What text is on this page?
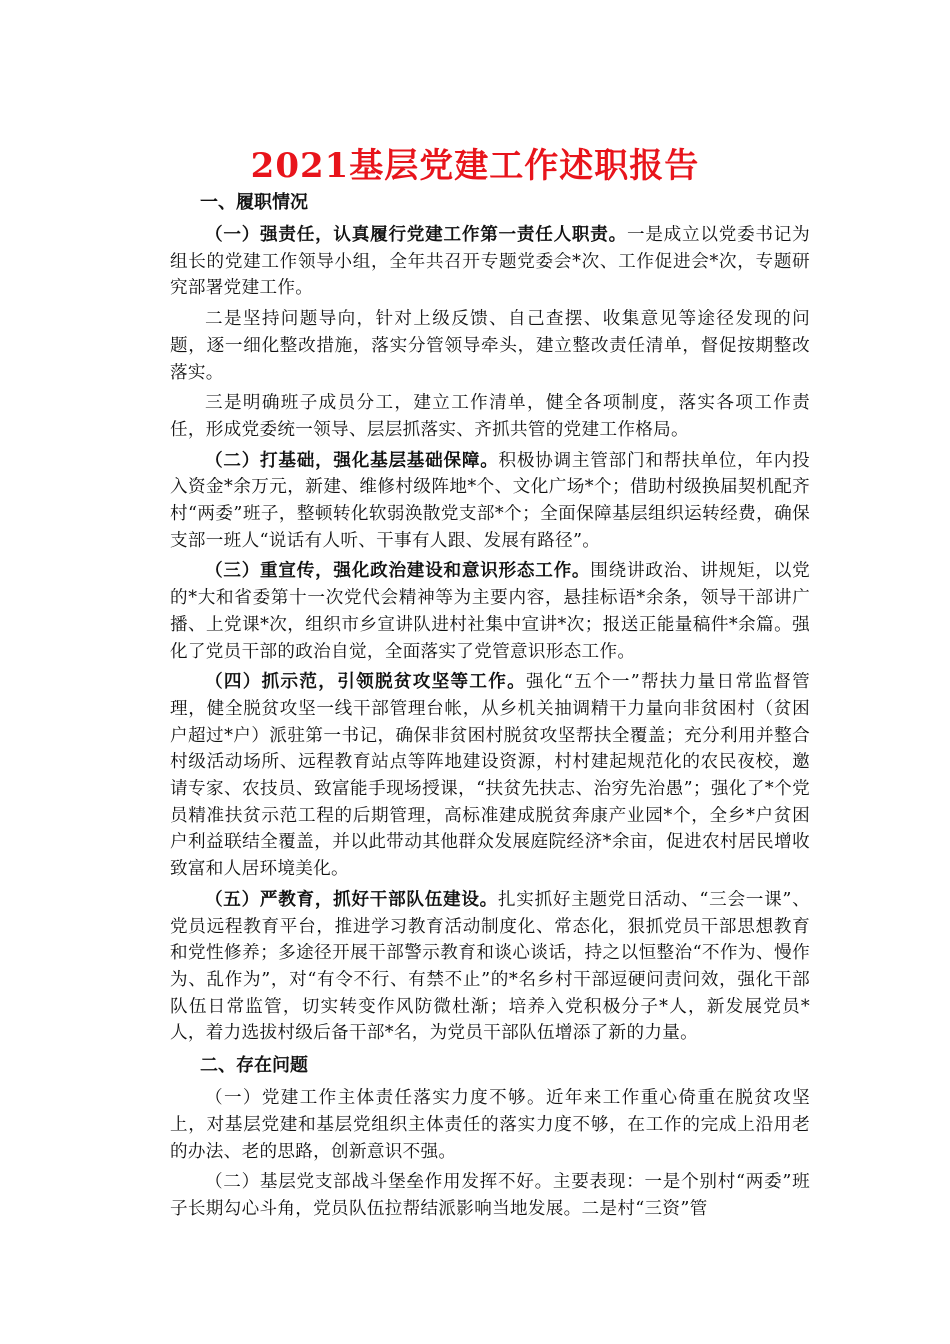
2021基层党建工作述职报告

一、履职情况

（一）强责任，认真履行党建工作第一责任人职责。一是成立以党委书记为组长的党建工作领导小组，全年共召开专题党委会*次、工作促进会*次，专题研究部署党建工作。

二是坚持问题导向，针对上级反馈、自己查摆、收集意见等途径发现的问题，逐一细化整改措施，落实分管领导牵头，建立整改责任清单，督促按期整改落实。

三是明确班子成员分工，建立工作清单，健全各项制度，落实各项工作责任，形成党委统一领导、层层抓落实、齐抓共管的党建工作格局。

（二）打基础，强化基层基础保障。积极协调主管部门和帮扶单位，年内投入资金*余万元，新建、维修村级阵地*个、文化广场*个；借助村级换届契机配齐村“两委”班子，整顿转化软弱涣散党支部*个；全面保障基层组织运转经费，确保支部一班人“说话有人听、干事有人跟、发展有路径”。

（三）重宣传，强化政治建设和意识形态工作。围绕讲政治、讲规矩，以党的*大和省委第十一次党代会精神等为主要内容，悬挂标语*余条，领导干部讲广播、上党课*次，组织市乡宣讲队进村社集中宣讲*次；报送正能量稿件*余篇。强化了党员干部的政治自觉，全面落实了党管意识形态工作。

（四）抓示范，引领脱贫攻坚等工作。强化“五个一”帮扶力量日常监督管理，健全脱贫攻坚一线干部管理台帐，从乡机关抽调精干力量向非贫困村（贫困户超过*户）派驻第一书记，确保非贫困村脱贫攻坚帮扶全覆盖；充分利用并整合村级活动场所、远程教育站点等阵地建设资源，村村建起规范化的农民夜校，邀请专家、农技员、致富能手现场授课，“扶贫先扶志、治穷先治愚”；强化了*个党员精准扶贫示范工程的后期管理，高标准建成脱贫奔康产业园*个，全乡*户贫困户利益联结全覆盖，并以此带动其他群众发展庭院经济*余亩，促进农村居民增收致富和人居环境美化。

（五）严教育，抓好干部队伍建设。扎实抓好主题党日活动、“三会一课”、党员远程教育平台，推进学习教育活动制度化、常态化，狠抓党员干部思想教育和党性修养；多途径开展干部警示教育和谈心谈话，持之以恒整治“不作为、慢作为、乱作为”，对“有令不行、有禁不止”的*名乡村干部逗硬问责问效，强化干部队伍日常监管，切实转变作风防微杜渐；培养入党积极分子*人，新发展党员*人，着力选拔村级后备干部*名，为党员干部队伍增添了新的力量。

二、存在问题

（一）党建工作主体责任落实力度不够。近年来工作重心倚重在脱贫攻坚上，对基层党建和基层党组织主体责任的落实力度不够，在工作的完成上沿用老的办法、老的思路，创新意识不强。

（二）基层党支部战斗堡垒作用发挥不好。主要表现：一是个别村“两委”班子长期勾心斗角，党员队伍拉帮结派影响当地发展。二是村“三资”管
